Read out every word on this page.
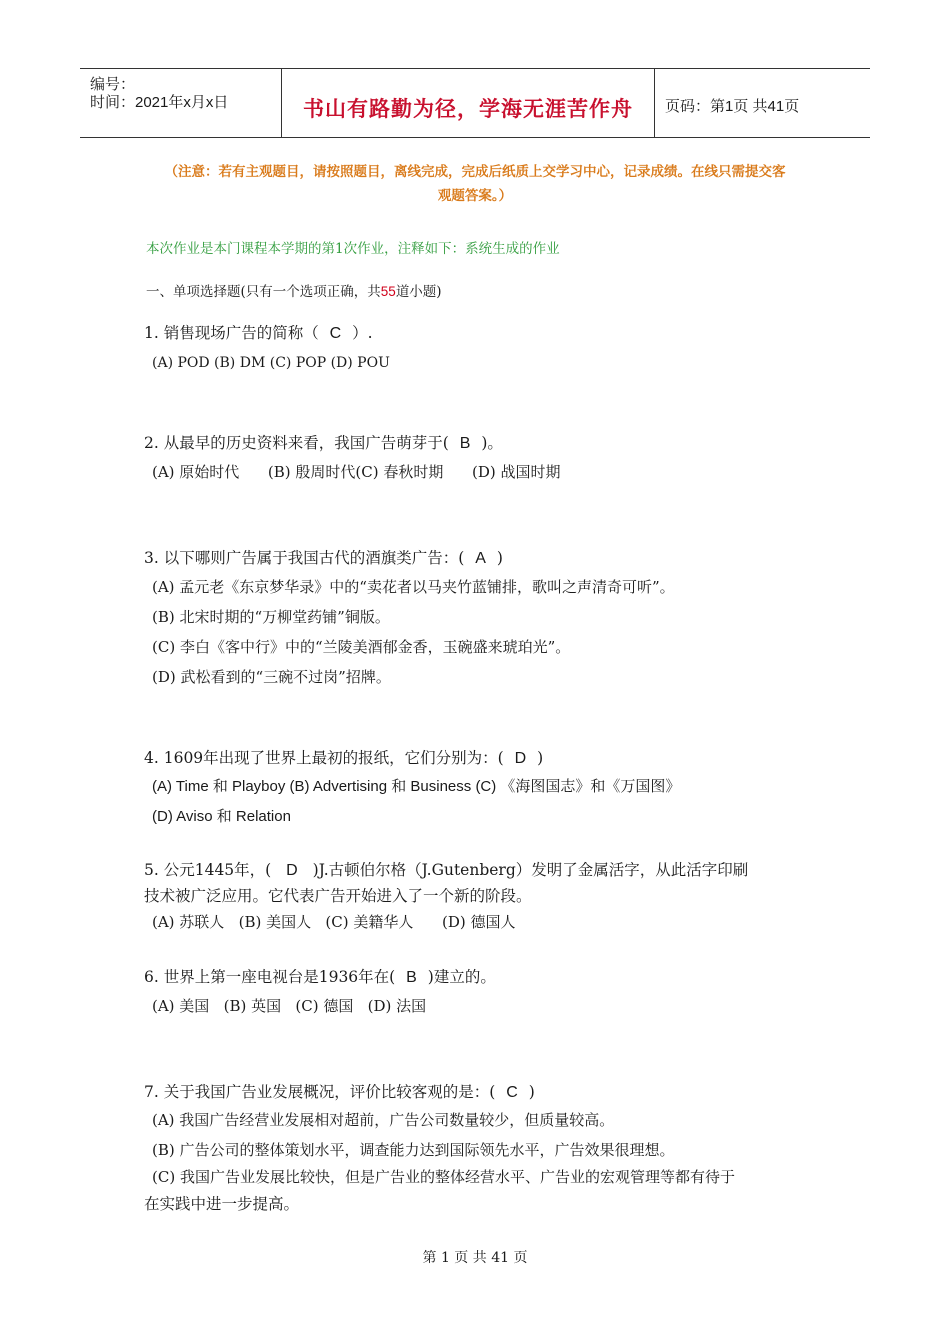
编号：
时间：2021年x月x日	书山有路勤为径，学海无涯苦作舟	页码：第1页 共41页
（注意：若有主观题目，请按照题目，离线完成，完成后纸质上交学习中心，记录成绩。在线只需提交客
观题答案。）
本次作业是本门课程本学期的第1次作业，注释如下：系统生成的作业
一、单项选择题(只有一个选项正确，共55道小题)
1. 销售现场广告的简称（ C ）.
(A) POD (B) DM (C) POP (D) POU
2. 从最早的历史资料来看，我国广告萌芽于( B )。
(A) 原始时代      (B) 殷周时代(C) 春秋时期      (D) 战国时期
3. 以下哪则广告属于我国古代的酒旗类广告：( A )
(A) 孟元老《东京梦华录》中的“卖花者以马夹竹蓝铺排，歌叫之声清奇可听”。
(B) 北宋时期的“万柳堂药铺”铜版。
(C) 李白《客中行》中的“兰陵美酒郁金香，玉碗盛来琥珀光”。
(D) 武松看到的“三碗不过岗”招牌。
4. 1609年出现了世界上最初的报纸，它们分别为：( D )
(A) Time 和 Playboy (B) Advertising 和 Business (C) 《海图国志》和《万国图》
(D) Aviso 和 Relation
5. 公元1445年，( D )J.古顿伯尔格（J.Gutenberg）发明了金属活字，从此活字印刷
技术被广泛应用。它代表广告开始进入了一个新的阶段。
(A) 苏联人   (B) 美国人   (C) 美籍华人      (D) 德国人
6. 世界上第一座电视台是1936年在( B )建立的。
(A) 美国   (B) 英国   (C) 德国   (D) 法国
7. 关于我国广告业发展概况，评价比较客观的是：( C )
(A) 我国广告经营业发展相对超前，广告公司数量较少，但质量较高。
(B) 广告公司的整体策划水平，调查能力达到国际领先水平，广告效果很理想。
(C) 我国广告业发展比较快，但是广告业的整体经营水平、广告业的宏观管理等都有待于
在实践中进一步提高。
第 1 页 共 41 页
